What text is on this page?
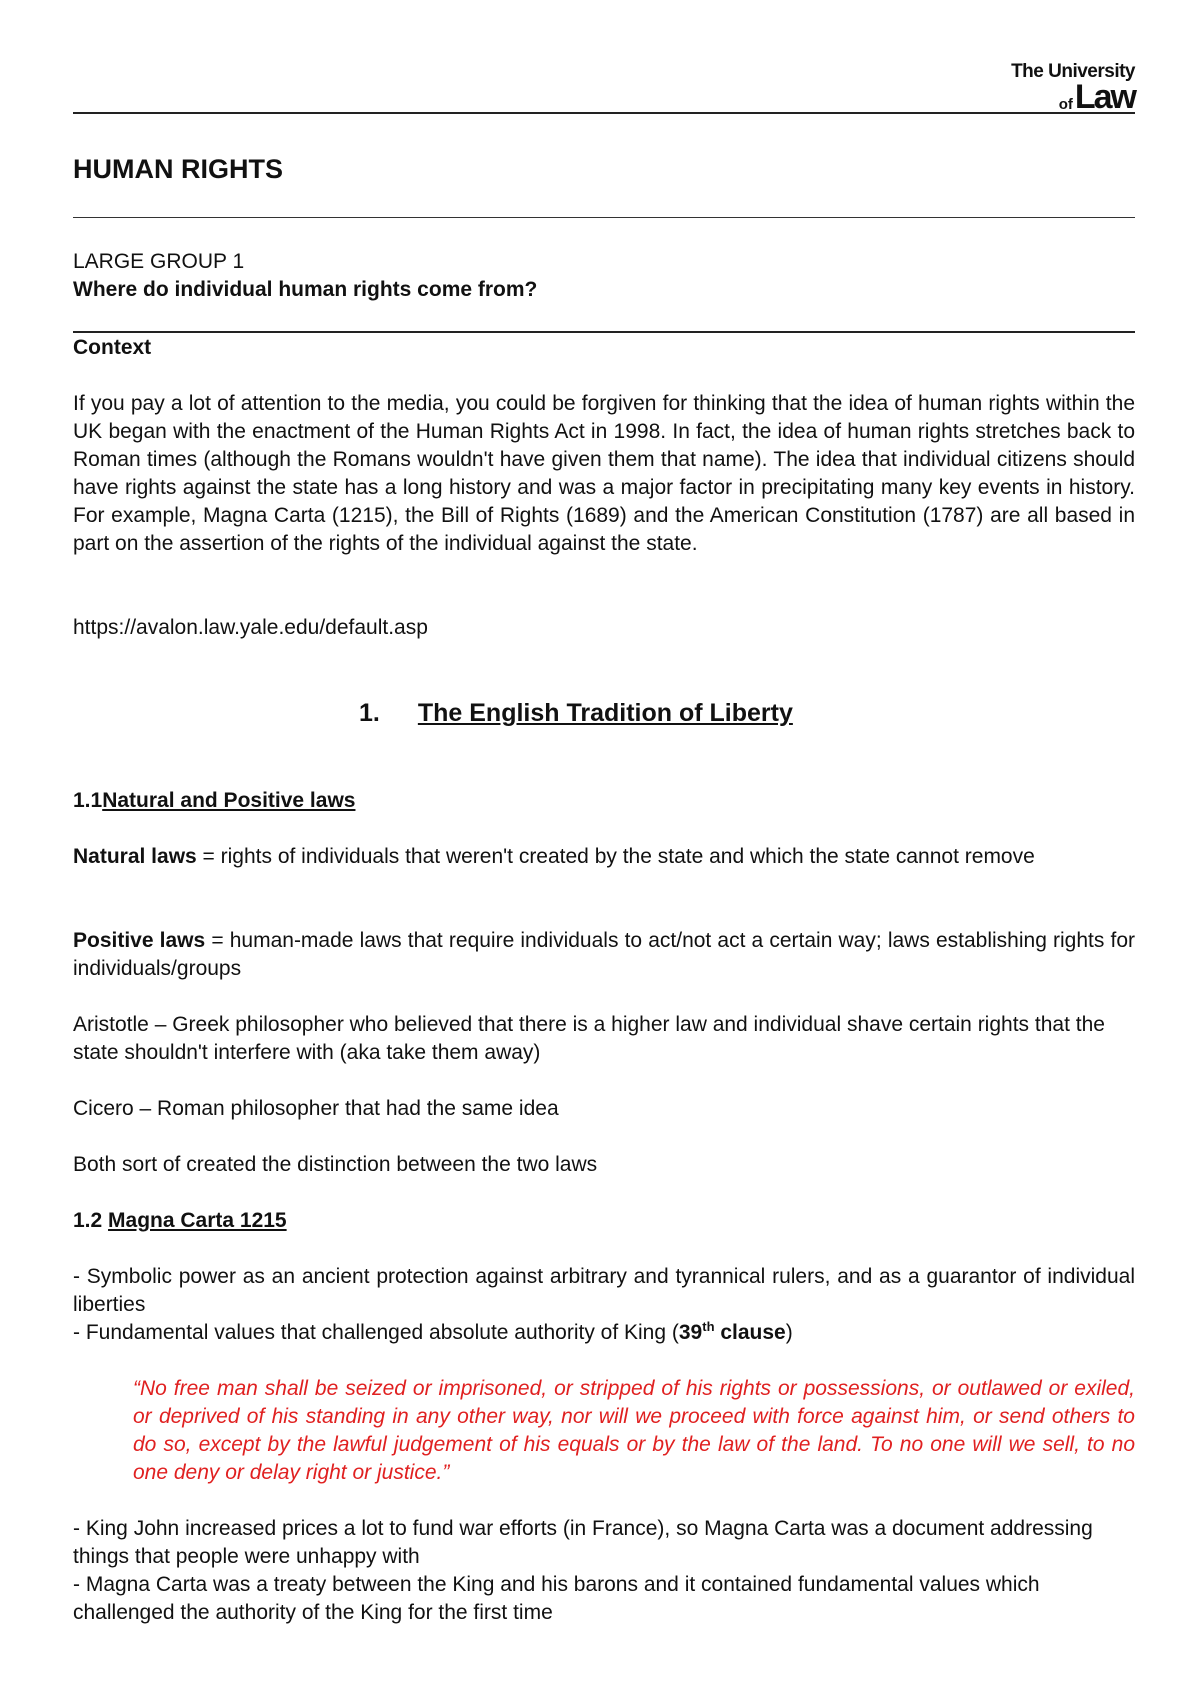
The University
ofLaw
HUMAN RIGHTS
LARGE GROUP 1
Where do individual human rights come from?
Context
If you pay a lot of attention to the media, you could be forgiven for thinking that the idea of human rights within the UK began with the enactment of the Human Rights Act in 1998. In fact, the idea of human rights stretches back to Roman times (although the Romans wouldn't have given them that name). The idea that individual citizens should have rights against the state has a long history and was a major factor in precipitating many key events in history. For example, Magna Carta (1215), the Bill of Rights (1689) and the American Constitution (1787) are all based in part on the assertion of the rights of the individual against the state.
https://avalon.law.yale.edu/default.asp
1. The English Tradition of Liberty
1.1Natural and Positive laws
Natural laws = rights of individuals that weren't created by the state and which the state cannot remove
Positive laws = human-made laws that require individuals to act/not act a certain way; laws establishing rights for individuals/groups
Aristotle – Greek philosopher who believed that there is a higher law and individual shave certain rights that the state shouldn't interfere with (aka take them away)
Cicero – Roman philosopher that had the same idea
Both sort of created the distinction between the two laws
1.2 Magna Carta 1215
- Symbolic power as an ancient protection against arbitrary and tyrannical rulers, and as a guarantor of individual liberties
- Fundamental values that challenged absolute authority of King (39th clause)
“No free man shall be seized or imprisoned, or stripped of his rights or possessions, or outlawed or exiled, or deprived of his standing in any other way, nor will we proceed with force against him, or send others to do so, except by the lawful judgement of his equals or by the law of the land. To no one will we sell, to no one deny or delay right or justice.”
- King John increased prices a lot to fund war efforts (in France), so Magna Carta was a document addressing things that people were unhappy with
- Magna Carta was a treaty between the King and his barons and it contained fundamental values which challenged the authority of the King for the first time
